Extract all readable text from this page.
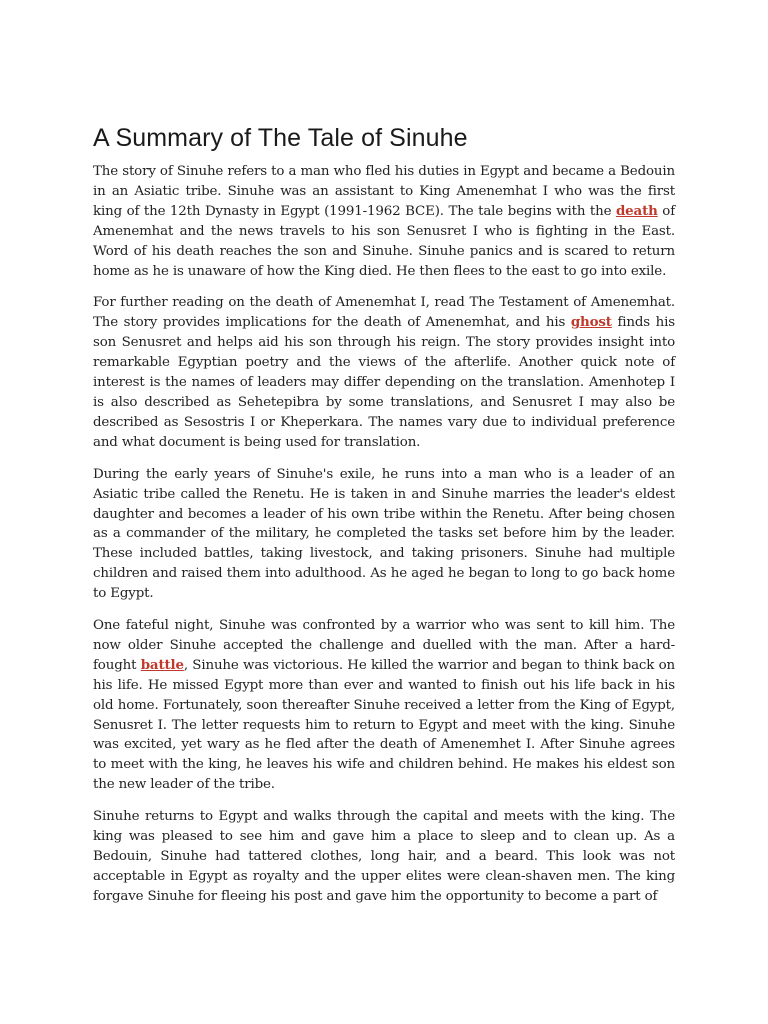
A Summary of The Tale of Sinuhe

The story of Sinuhe refers to a man who fled his duties in Egypt and became a Bedouin in an Asiatic tribe. Sinuhe was an assistant to King Amenemhat I who was the first king of the 12th Dynasty in Egypt (1991-1962 BCE). The tale begins with the death of Amenemhat and the news travels to his son Senusret I who is fighting in the East. Word of his death reaches the son and Sinuhe. Sinuhe panics and is scared to return home as he is unaware of how the King died. He then flees to the east to go into exile.

For further reading on the death of Amenemhat I, read The Testament of Amenemhat. The story provides implications for the death of Amenemhat, and his ghost finds his son Senusret and helps aid his son through his reign. The story provides insight into remarkable Egyptian poetry and the views of the afterlife. Another quick note of interest is the names of leaders may differ depending on the translation. Amenhotep I is also described as Sehetepibra by some translations, and Senusret I may also be described as Sesostris I or Kheperkara. The names vary due to individual preference and what document is being used for translation.

During the early years of Sinuhe's exile, he runs into a man who is a leader of an Asiatic tribe called the Renetu. He is taken in and Sinuhe marries the leader's eldest daughter and becomes a leader of his own tribe within the Renetu. After being chosen as a commander of the military, he completed the tasks set before him by the leader. These included battles, taking livestock, and taking prisoners. Sinuhe had multiple children and raised them into adulthood. As he aged he began to long to go back home to Egypt.

One fateful night, Sinuhe was confronted by a warrior who was sent to kill him. The now older Sinuhe accepted the challenge and duelled with the man. After a hard-fought battle, Sinuhe was victorious. He killed the warrior and began to think back on his life. He missed Egypt more than ever and wanted to finish out his life back in his old home. Fortunately, soon thereafter Sinuhe received a letter from the King of Egypt, Senusret I. The letter requests him to return to Egypt and meet with the king. Sinuhe was excited, yet wary as he fled after the death of Amenemhet I. After Sinuhe agrees to meet with the king, he leaves his wife and children behind. He makes his eldest son the new leader of the tribe.

Sinuhe returns to Egypt and walks through the capital and meets with the king. The king was pleased to see him and gave him a place to sleep and to clean up. As a Bedouin, Sinuhe had tattered clothes, long hair, and a beard. This look was not acceptable in Egypt as royalty and the upper elites were clean-shaven men. The king forgave Sinuhe for fleeing his post and gave him the opportunity to become a part of
